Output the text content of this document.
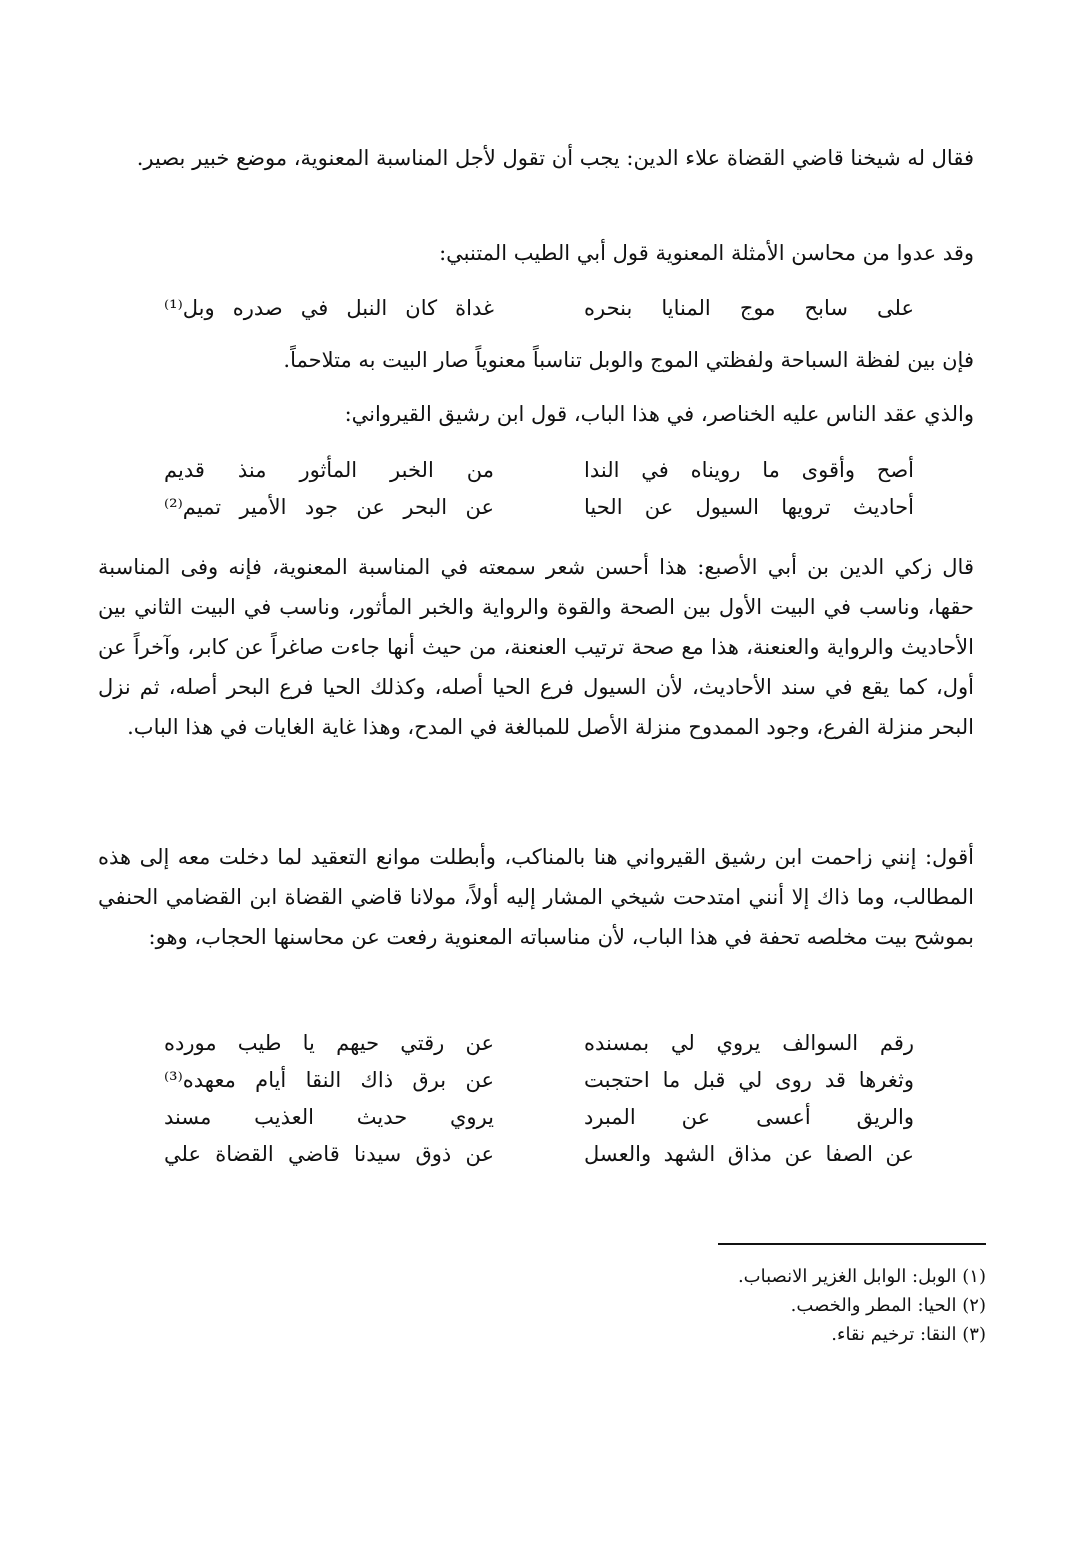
فقال له شيخنا قاضي القضاة علاء الدين: يجب أن تقول لأجل المناسبة المعنوية، موضع خبير بصير.
وقد عدوا من محاسن الأمثلة المعنوية قول أبي الطيب المتنبي:
على سابح موج المنايا بنحره
غداة كان النبل في صدره وبل⁽¹⁾
فإن بين لفظة السباحة ولفظتي الموج والوبل تناسباً معنوياً صار البيت به متلاحماً.
والذي عقد الناس عليه الخناصر، في هذا الباب، قول ابن رشيق القيرواني:
أصح وأقوى ما رويناه في الندا
من الخبر المأثور منذ قديم
أحاديث ترويها السيول عن الحيا
عن البحر عن جود الأمير تميم⁽²⁾
قال زكي الدين بن أبي الأصبع: هذا أحسن شعر سمعته في المناسبة المعنوية، فإنه وفى المناسبة حقها، وناسب في البيت الأول بين الصحة والقوة والرواية والخبر المأثور، وناسب في البيت الثاني بين الأحاديث والرواية والعنعنة، هذا مع صحة ترتيب العنعنة، من حيث أنها جاءت صاغراً عن كابر، وآخراً عن أول، كما يقع في سند الأحاديث، لأن السيول فرع الحيا أصله، وكذلك الحيا فرع البحر أصله، ثم نزل البحر منزلة الفرع، وجود الممدوح منزلة الأصل للمبالغة في المدح، وهذا غاية الغايات في هذا الباب.
أقول: إنني زاحمت ابن رشيق القيرواني هنا بالمناكب، وأبطلت موانع التعقيد لما دخلت معه إلى هذه المطالب، وما ذاك إلا أنني امتدحت شيخي المشار إليه أولاً، مولانا قاضي القضاة ابن القضامي الحنفي بموشح بيت مخلصه تحفة في هذا الباب، لأن مناسباته المعنوية رفعت عن محاسنها الحجاب، وهو:
رقم السوالف يروي لي بمسنده
عن رقتي حيهم يا طيب مورده
وثغرها قد روى لي قبل ما احتجبت
عن برق ذاك النقا أيام معهده⁽³⁾
والريق أعسى عن المبرد
يروي حديث العذيب مسند
عن الصفا عن مذاق الشهد والعسل
عن ذوق سيدنا قاضي القضاة علي
(١) الوبل: الوابل الغزير الانصباب.
(٢) الحيا: المطر والخصب.
(٣) النقا: ترخيم نقاء.
